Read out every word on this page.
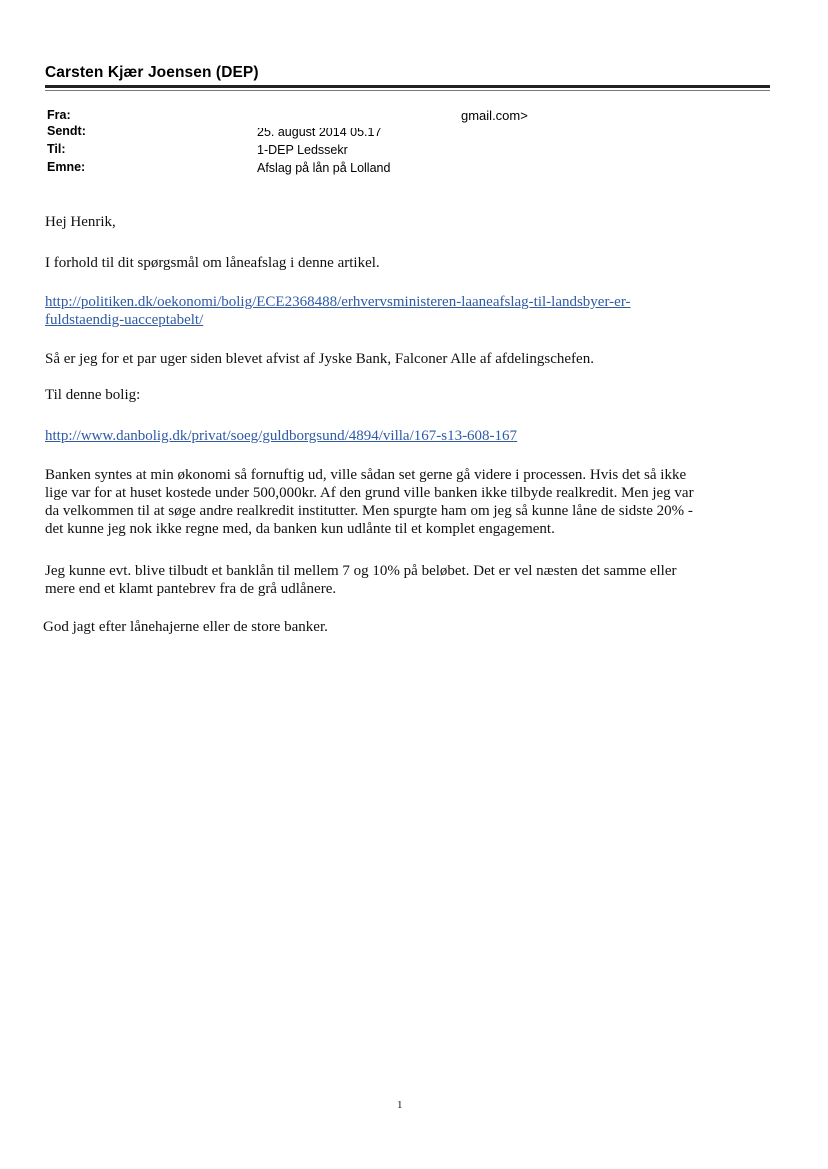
Carsten Kjær Joensen (DEP)
Fra:	gmail.com>
Sendt:	25. august 2014 05.17
Til:	1-DEP Ledssekr
Emne:	Afslag på lån på Lolland
Hej Henrik,
I forhold til dit spørgsmål om låneafslag i denne artikel.
http://politiken.dk/oekonomi/bolig/ECE2368488/erhvervsministeren-laaneafslag-til-landsbyer-er-
fuldstaendig-uacceptabelt/
Så er jeg for et par uger siden blevet afvist af Jyske Bank, Falconer Alle af afdelingschefen.
Til denne bolig:
http://www.danbolig.dk/privat/soeg/guldborgsund/4894/villa/167-s13-608-167
Banken syntes at min økonomi så fornuftig ud, ville sådan set gerne gå videre i processen. Hvis det så ikke
lige var for at huset kostede under 500,000kr. Af den grund ville banken ikke tilbyde realkredit. Men jeg var
da velkommen til at søge andre realkredit institutter. Men spurgte ham om jeg så kunne låne de sidste 20% -
det kunne jeg nok ikke regne med, da banken kun udlånte til et komplet engagement.
Jeg kunne evt. blive tilbudt et banklån til mellem 7 og 10% på beløbet. Det er vel næsten det samme eller
mere end et klamt pantebrev fra de grå udlånere.
God jagt efter lånehajerne eller de store banker.
1
